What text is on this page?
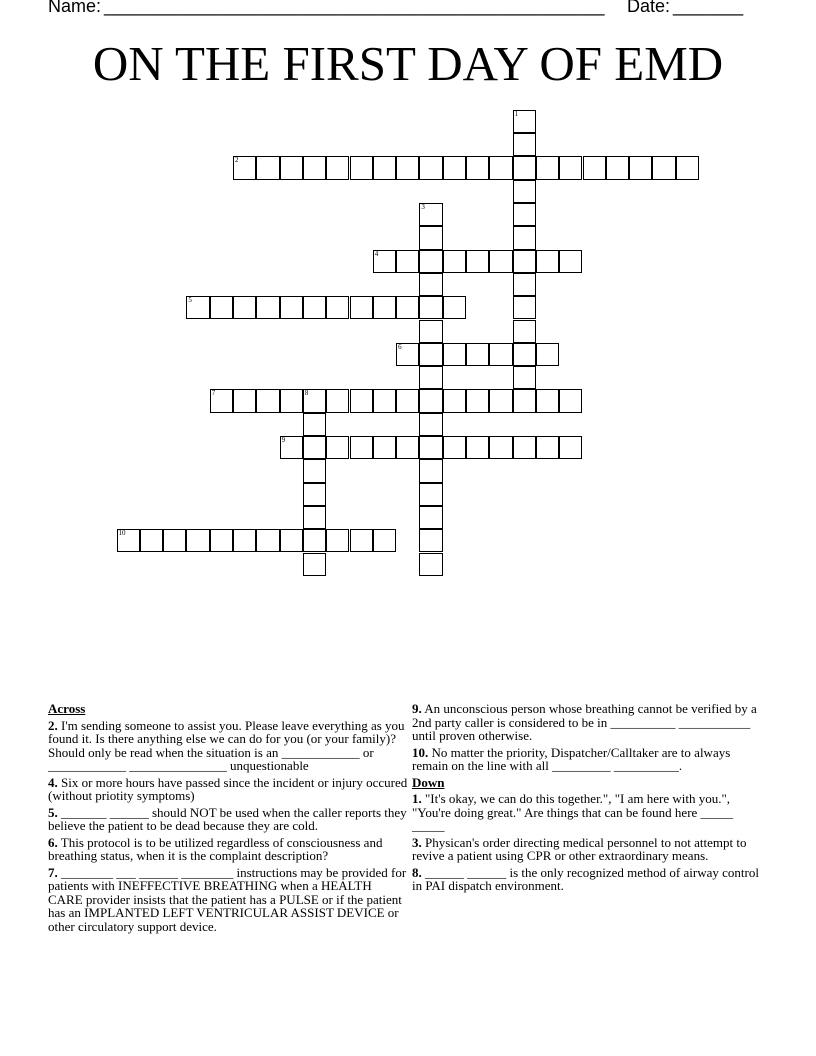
Name: __________________________________________________ Date: _______
ON THE FIRST DAY OF EMD
1
2
3
4
5
6
7	8
9
10
Across
2. I'm sending someone to assist you. Please leave everything as you found it. Is there anything else we can do for you (or your family)? Should only be read when the situation is an ____________ or ____________ _______________ unquestionable
4. Six or more hours have passed since the incident or injury occured (without priotity symptoms)
5. _______ ______ should NOT be used when the caller reports they believe the patient to be dead because they are cold.
6. This protocol is to be utilized regardless of consciousness and breathing status, when it is the complaint description?
7. ________ ___ ______ ________ instructions may be provided for patients with INEFFECTIVE BREATHING when a HEALTH CARE provider insists that the patient has a PULSE or if the patient has an IMPLANTED LEFT VENTRICULAR ASSIST DEVICE or other circulatory support device.
9. An unconscious person whose breathing cannot be verified by a 2nd party caller is considered to be in __________ ___________ until proven otherwise.
10. No matter the priority, Dispatcher/Calltaker are to always remain on the line with all _________ __________.
Down
1. "It's okay, we can do this together.", "I am here with you.", "You're doing great." Are things that can be found here _____ _____
3. Physican's order directing medical personnel to not attempt to revive a patient using CPR or other extraordinary means.
8. ______ ______ is the only recognized method of airway control in PAI dispatch environment.
